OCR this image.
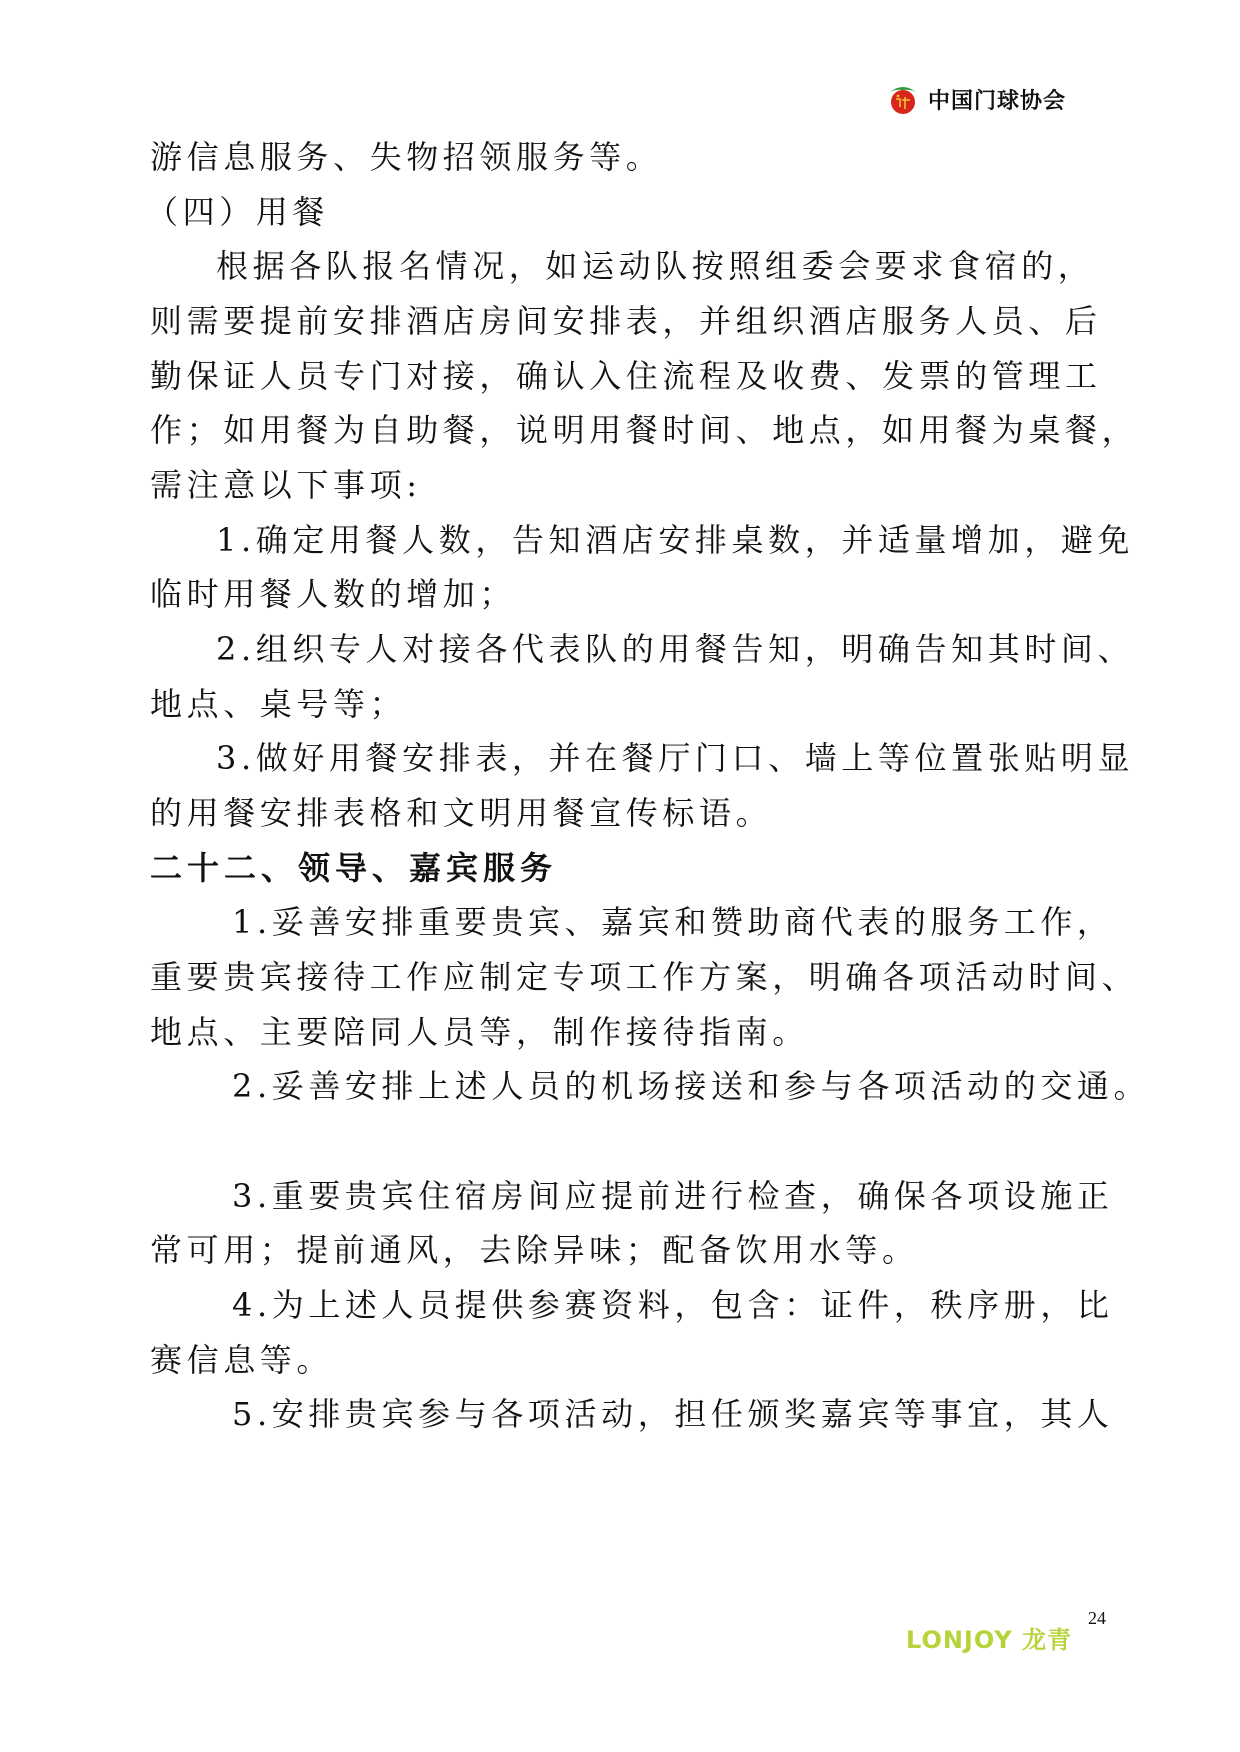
中国门球协会
游信息服务、失物招领服务等。
（四）用餐
根据各队报名情况，如运动队按照组委会要求食宿的，
则需要提前安排酒店房间安排表，并组织酒店服务人员、后
勤保证人员专门对接，确认入住流程及收费、发票的管理工
作；如用餐为自助餐，说明用餐时间、地点，如用餐为桌餐，
需注意以下事项:
1.确定用餐人数，告知酒店安排桌数，并适量增加，避免
临时用餐人数的增加；
2.组织专人对接各代表队的用餐告知，明确告知其时间、
地点、桌号等；
3.做好用餐安排表，并在餐厅门口、墙上等位置张贴明显
的用餐安排表格和文明用餐宣传标语。
二十二、领导、嘉宾服务
1.妥善安排重要贵宾、嘉宾和赞助商代表的服务工作，
重要贵宾接待工作应制定专项工作方案，明确各项活动时间、
地点、主要陪同人员等，制作接待指南。
2.妥善安排上述人员的机场接送和参与各项活动的交通。
3.重要贵宾住宿房间应提前进行检查，确保各项设施正
常可用；提前通风，去除异味；配备饮用水等。
4.为上述人员提供参赛资料，包含：证件，秩序册，比
赛信息等。
5.安排贵宾参与各项活动，担任颁奖嘉宾等事宜，其人
LONJOY 龙青
24
